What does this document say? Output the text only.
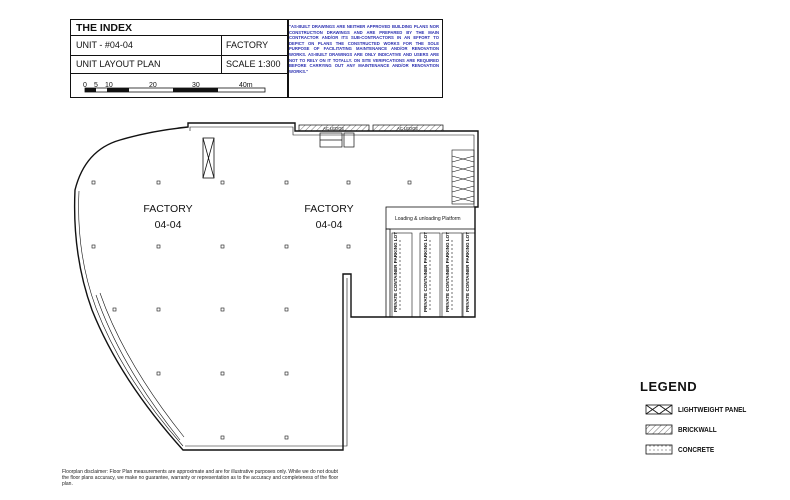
THE INDEX
UNIT - #04-04	FACTORY
UNIT LAYOUT PLAN	SCALE 1:300
0 5 10	20	30	40m
"AS-BUILT DRAWINGS ARE NEITHER APPROVED BUILDING PLANS NOR CONSTRUCTION DRAWINGS AND ARE PREPARED BY THE MAIN CONTRACTOR AND/OR ITS SUB-CONTRACTORS IN AN EFFORT TO DEPICT ON PLANS THE CONSTRUCTED WORKS FOR THE SOLE PURPOSE OF FACILITATING MAINTENANCE AND/OR RENOVATION WORKS. AS-BUILT DRAWINGS ARE ONLY INDICATIVE AND USERS ARE NOT TO RELY ON IT TOTALLY. ON SITE VERIFICATIONS ARE REQUIRED BEFORE CARRYING OUT ANY MAINTENANCE AND/OR RENOVATION WORKS."
AC LEDGE	AC LEDGE
Loading & unloading Platform
PRIVATE CONTAINER PARKING LOT	PRIVATE CONTAINER PARKING LOT	PRIVATE CONTAINER PARKING LOT	PRIVATE CONTAINER PARKING LOT
FACTORY
04-04
FACTORY
04-04
LEGEND
LIGHTWEIGHT PANEL
BRICKWALL
CONCRETE
Floorplan disclaimer: Floor Plan measurements are approximate and are for illustrative purposes only. While we do not doubt the floor plans accuracy, we make no guarantee, warranty or representation as to the accuracy and completeness of the floor plan.
